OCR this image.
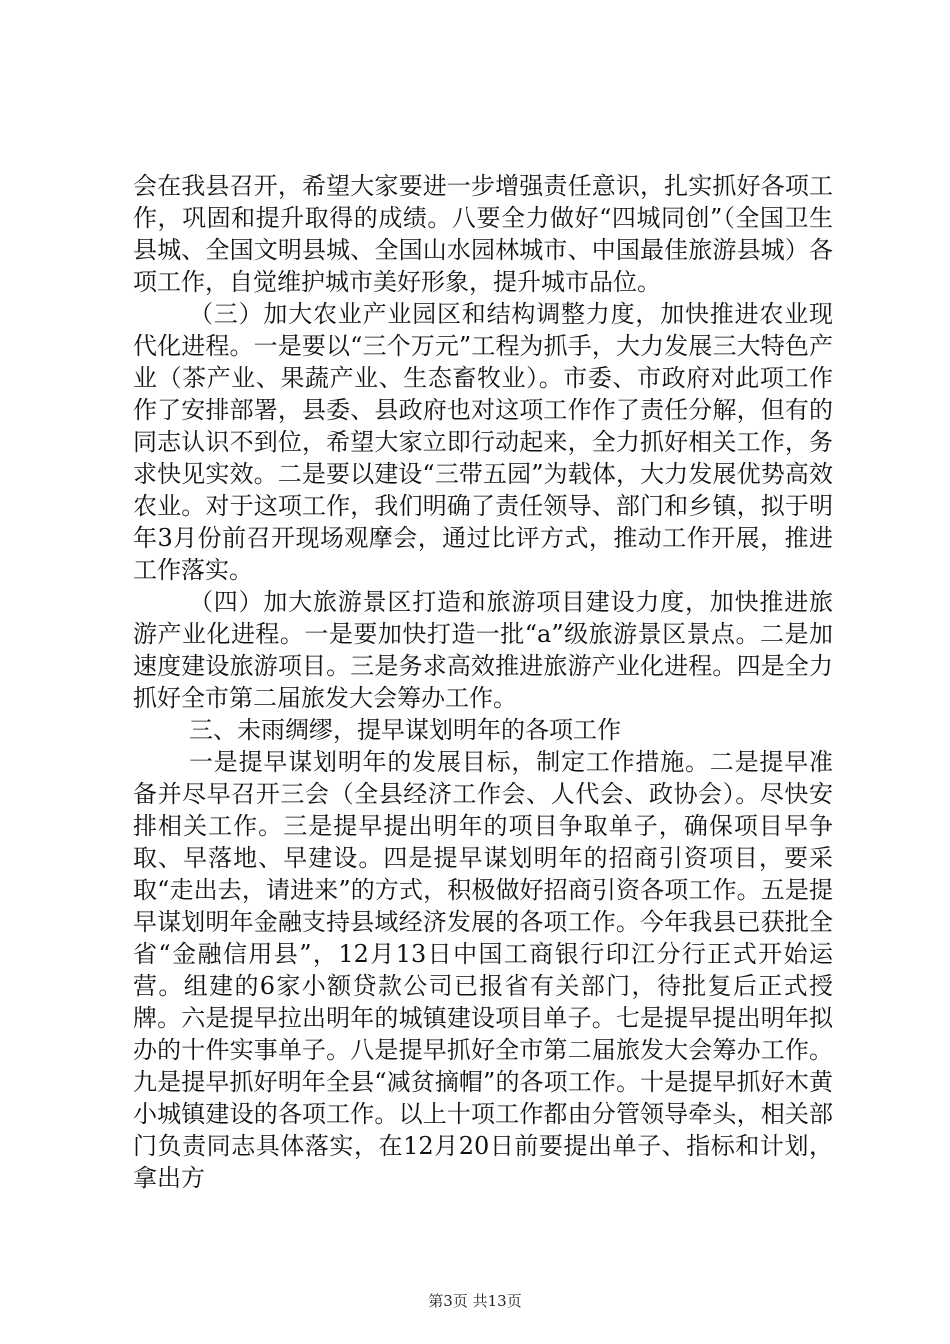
会在我县召开，希望大家要进一步增强责任意识，扎实抓好各项工作，巩固和提升取得的成绩。八要全力做好“四城同创”（全国卫生县城、全国文明县城、全国山水园林城市、中国最佳旅游县城）各项工作，自觉维护城市美好形象，提升城市品位。

（三）加大农业产业园区和结构调整力度，加快推进农业现代化进程。一是要以“三个万元”工程为抓手，大力发展三大特色产业（茶产业、果蔬产业、生态畜牧业）。市委、市政府对此项工作作了安排部署，县委、县政府也对这项工作作了责任分解，但有的同志认识不到位，希望大家立即行动起来，全力抓好相关工作，务求快见实效。二是要以建设“三带五园”为载体，大力发展优势高效农业。对于这项工作，我们明确了责任领导、部门和乡镇，拟于明年3月份前召开现场观摩会，通过比评方式，推动工作开展，推进工作落实。

（四）加大旅游景区打造和旅游项目建设力度，加快推进旅游产业化进程。一是要加快打造一批“a”级旅游景区景点。二是加速度建设旅游项目。三是务求高效推进旅游产业化进程。四是全力抓好全市第二届旅发大会筹办工作。

三、未雨绸缪，提早谋划明年的各项工作

一是提早谋划明年的发展目标，制定工作措施。二是提早准备并尽早召开三会（全县经济工作会、人代会、政协会）。尽快安排相关工作。三是提早提出明年的项目争取单子，确保项目早争取、早落地、早建设。四是提早谋划明年的招商引资项目，要采取“走出去，请进来”的方式，积极做好招商引资各项工作。五是提早谋划明年金融支持县域经济发展的各项工作。今年我县已获批全省“金融信用县”，12月13日中国工商银行印江分行正式开始运营。组建的6家小额贷款公司已报省有关部门，待批复后正式授牌。六是提早拉出明年的城镇建设项目单子。七是提早提出明年拟办的十件实事单子。八是提早抓好全市第二届旅发大会筹办工作。九是提早抓好明年全县“减贫摘帽”的各项工作。十是提早抓好木黄小城镇建设的各项工作。以上十项工作都由分管领导牵头，相关部门负责同志具体落实，在12月20日前要提出单子、指标和计划，拿出方

第3页 共13页
